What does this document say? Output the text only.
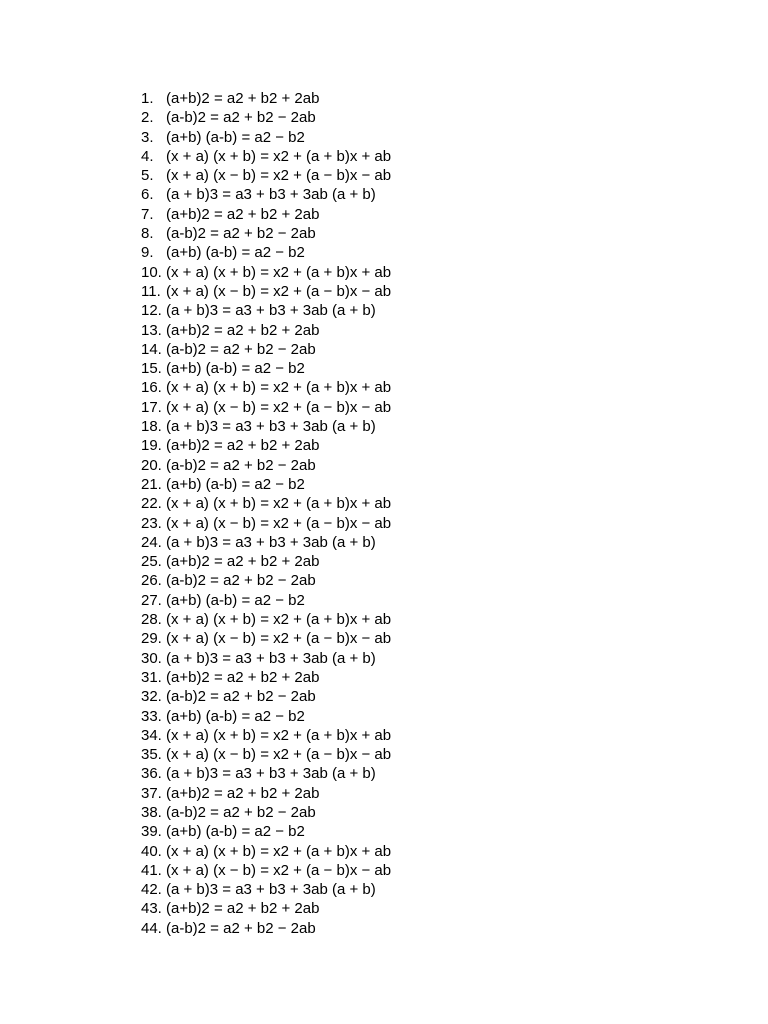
1. (a+b)2 = a2 + b2 + 2ab
2. (a-b)2 = a2 + b2 − 2ab
3. (a+b) (a-b) = a2 − b2
4. (x + a) (x + b) = x2 + (a + b)x + ab
5. (x + a) (x − b) = x2 + (a − b)x − ab
6. (a + b)3 = a3 + b3 + 3ab (a + b)
7. (a+b)2 = a2 + b2 + 2ab
8. (a-b)2 = a2 + b2 − 2ab
9. (a+b) (a-b) = a2 − b2
10. (x + a) (x + b) = x2 + (a + b)x + ab
11. (x + a) (x − b) = x2 + (a − b)x − ab
12. (a + b)3 = a3 + b3 + 3ab (a + b)
13. (a+b)2 = a2 + b2 + 2ab
14. (a-b)2 = a2 + b2 − 2ab
15. (a+b) (a-b) = a2 − b2
16. (x + a) (x + b) = x2 + (a + b)x + ab
17. (x + a) (x − b) = x2 + (a − b)x − ab
18. (a + b)3 = a3 + b3 + 3ab (a + b)
19. (a+b)2 = a2 + b2 + 2ab
20. (a-b)2 = a2 + b2 − 2ab
21. (a+b) (a-b) = a2 − b2
22. (x + a) (x + b) = x2 + (a + b)x + ab
23. (x + a) (x − b) = x2 + (a − b)x − ab
24. (a + b)3 = a3 + b3 + 3ab (a + b)
25. (a+b)2 = a2 + b2 + 2ab
26. (a-b)2 = a2 + b2 − 2ab
27. (a+b) (a-b) = a2 − b2
28. (x + a) (x + b) = x2 + (a + b)x + ab
29. (x + a) (x − b) = x2 + (a − b)x − ab
30. (a + b)3 = a3 + b3 + 3ab (a + b)
31. (a+b)2 = a2 + b2 + 2ab
32. (a-b)2 = a2 + b2 − 2ab
33. (a+b) (a-b) = a2 − b2
34. (x + a) (x + b) = x2 + (a + b)x + ab
35. (x + a) (x − b) = x2 + (a − b)x − ab
36. (a + b)3 = a3 + b3 + 3ab (a + b)
37. (a+b)2 = a2 + b2 + 2ab
38. (a-b)2 = a2 + b2 − 2ab
39. (a+b) (a-b) = a2 − b2
40. (x + a) (x + b) = x2 + (a + b)x + ab
41. (x + a) (x − b) = x2 + (a − b)x − ab
42. (a + b)3 = a3 + b3 + 3ab (a + b)
43. (a+b)2 = a2 + b2 + 2ab
44. (a-b)2 = a2 + b2 − 2ab
